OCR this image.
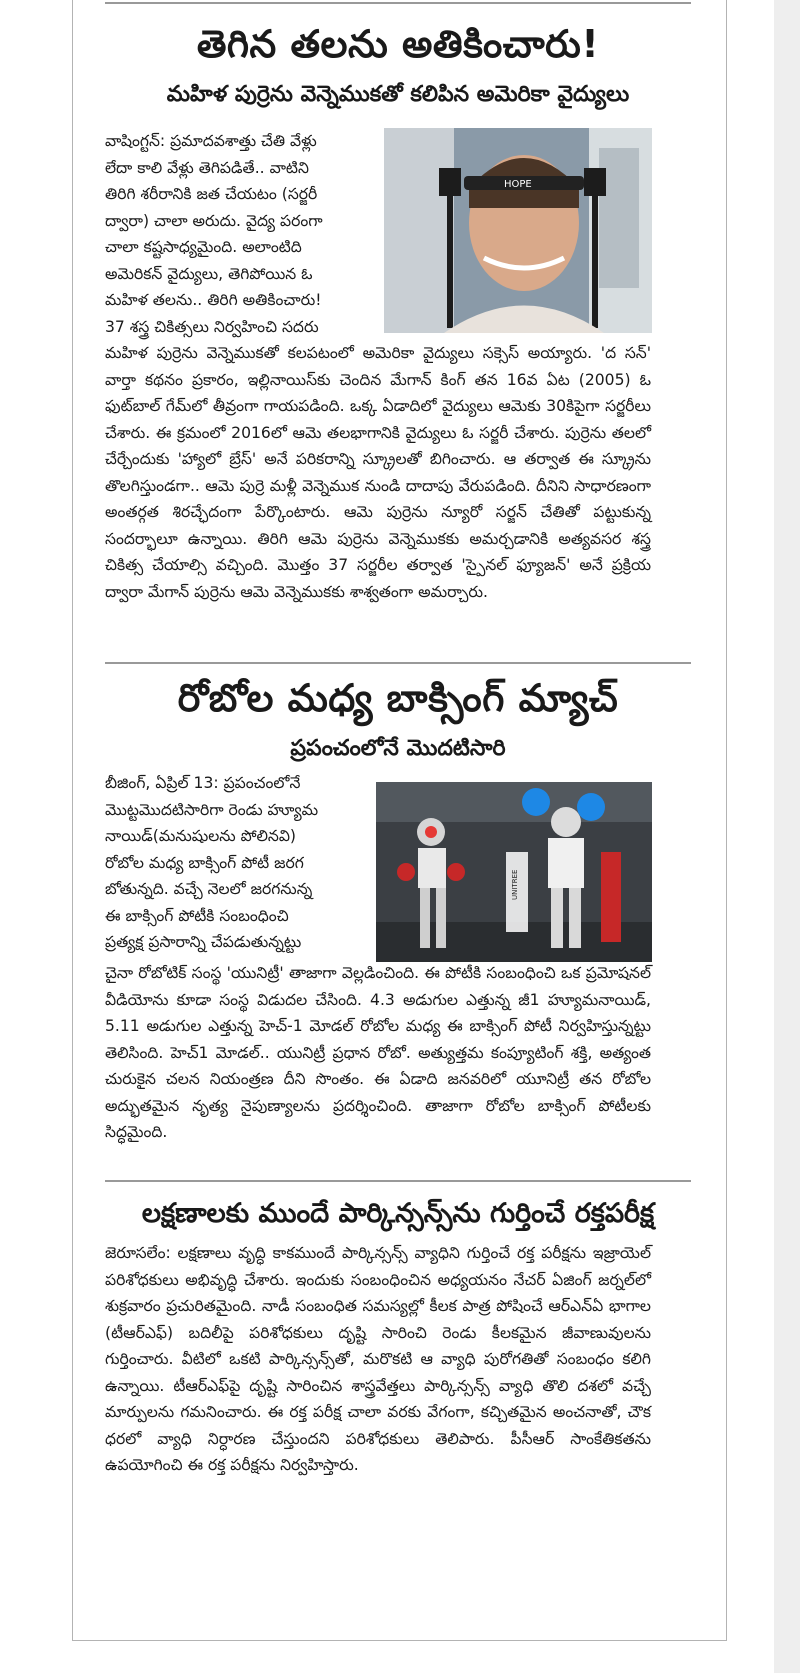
తెగిన తలను అతికించారు!
మహిళ పుర్రెను వెన్నెముకతో కలిపిన అమెరికా వైద్యులు
HOPE

వాషింగ్టన్: ప్రమాదవశాత్తు చేతి వేళ్లు

లేదా కాలి వేళ్లు తెగిపడితే.. వాటిని

తిరిగి శరీరానికి జత చేయటం (సర్జరీ

ద్వారా) చాలా అరుదు. వైద్య పరంగా

చాలా కష్టసాధ్యమైంది. అలాంటిది

అమెరికన్ వైద్యులు, తెగిపోయిన ఓ

మహిళ తలను.. తిరిగి అతికించారు!

37 శస్త్ర చికిత్సలు నిర్వహించి సదరు

మహిళ పుర్రెను వెన్నెముకతో కలపటంలో అమెరికా వైద్యులు సక్సెస్ అయ్యారు. 'ద సన్' వార్తా కథనం ప్రకారం, ఇల్లినాయిస్‌కు చెందిన మేగాన్ కింగ్ తన 16వ ఏట (2005) ఓ ఫుట్‌బాల్ గేమ్‌లో తీవ్రంగా గాయపడింది. ఒక్క ఏడాదిలో వైద్యులు ఆమెకు 30కిపైగా సర్జరీలు చేశారు. ఈ క్రమంలో 2016లో ఆమె తలభాగానికి వైద్యులు ఓ సర్జరీ చేశారు. పుర్రెను తలలో చేర్చేందుకు 'హ్యాలో బ్రేస్' అనే పరికరాన్ని స్క్రూలతో బిగించారు. ఆ తర్వాత ఈ స్క్రూను తొలగిస్తుండగా.. ఆమె పుర్రె మళ్లీ వెన్నెముక నుండి దాదాపు వేరుపడింది. దీనిని సాధారణంగా అంతర్గత శిరచ్ఛేదంగా పేర్కొంటారు. ఆమె పుర్రెను న్యూరో సర్జన్ చేతితో పట్టుకున్న సందర్భాలూ ఉన్నాయి. తిరిగి ఆమె పుర్రెను వెన్నెముకకు అమర్చడానికి అత్యవసర శస్త్ర చికిత్స చేయాల్సి వచ్చింది. మొత్తం 37 సర్జరీల తర్వాత 'స్పైనల్ ఫ్యూజన్' అనే ప్రక్రియ ద్వారా మేగాన్ పుర్రెను ఆమె వెన్నెముకకు శాశ్వతంగా అమర్చారు.

రోబోల మధ్య బాక్సింగ్ మ్యాచ్
ప్రపంచంలోనే మొదటిసారి
UNITREE

బీజింగ్, ఏప్రిల్ 13: ప్రపంచంలోనే

మొట్టమొదటిసారిగా రెండు హ్యూమ

నాయిడ్(మనుషులను పోలినవి)

రోబోల మధ్య బాక్సింగ్ పోటీ జరగ

బోతున్నది. వచ్చే నెలలో జరగనున్న

ఈ బాక్సింగ్ పోటీకి సంబంధించి

ప్రత్యక్ష ప్రసారాన్ని చేపడుతున్నట్టు

చైనా రోబోటిక్ సంస్థ 'యునిట్రీ' తాజాగా వెల్లడించింది. ఈ పోటీకి సంబంధించి ఒక ప్రమోషనల్ వీడియోను కూడా సంస్థ విడుదల చేసింది. 4.3 అడుగుల ఎత్తున్న జీ1 హ్యూమనాయిడ్, 5.11 అడుగుల ఎత్తున్న హెచ్-1 మోడల్ రోబోల మధ్య ఈ బాక్సింగ్ పోటీ నిర్వహిస్తున్నట్టు తెలిసింది. హెచ్1 మోడల్.. యునిట్రీ ప్రధాన రోబో. అత్యుత్తమ కంప్యూటింగ్ శక్తి, అత్యంత చురుకైన చలన నియంత్రణ దీని సొంతం. ఈ ఏడాది జనవరిలో యూనిట్రీ తన రోబోల అద్భుతమైన నృత్య నైపుణ్యాలను ప్రదర్శించింది. తాజాగా రోబోల బాక్సింగ్ పోటీలకు సిద్ధమైంది.

లక్షణాలకు ముందే పార్కిన్సన్స్‌ను గుర్తించే రక్తపరీక్ష

జెరూసలేం: లక్షణాలు వృద్ధి కాకముందే పార్కిన్సన్స్ వ్యాధిని గుర్తించే రక్త పరీక్షను ఇజ్రాయెల్ పరిశోధకులు అభివృద్ధి చేశారు. ఇందుకు సంబంధించిన అధ్యయనం నేచర్ ఏజింగ్ జర్నల్‌లో శుక్రవారం ప్రచురితమైంది. నాడీ సంబంధిత సమస్యల్లో కీలక పాత్ర పోషించే ఆర్‌ఎన్‌ఏ భాగాల (టీఆర్‌ఎఫ్) బదిలీపై పరిశోధకులు దృష్టి సారించి రెండు కీలకమైన జీవాణువులను గుర్తించారు. వీటిలో ఒకటి పార్కిన్సన్స్‌తో, మరొకటి ఆ వ్యాధి పురోగతితో సంబంధం కలిగి ఉన్నాయి. టీఆర్‌ఎఫ్‌పై దృష్టి సారించిన శాస్త్రవేత్తలు పార్కిన్సన్స్ వ్యాధి తొలి దశలో వచ్చే మార్పులను గమనించారు. ఈ రక్త పరీక్ష చాలా వరకు వేగంగా, కచ్చితమైన అంచనాతో, చౌక ధరలో వ్యాధి నిర్ధారణ చేస్తుందని పరిశోధకులు తెలిపారు. పీసీఆర్ సాంకేతికతను ఉపయోగించి ఈ రక్త పరీక్షను నిర్వహిస్తారు.
